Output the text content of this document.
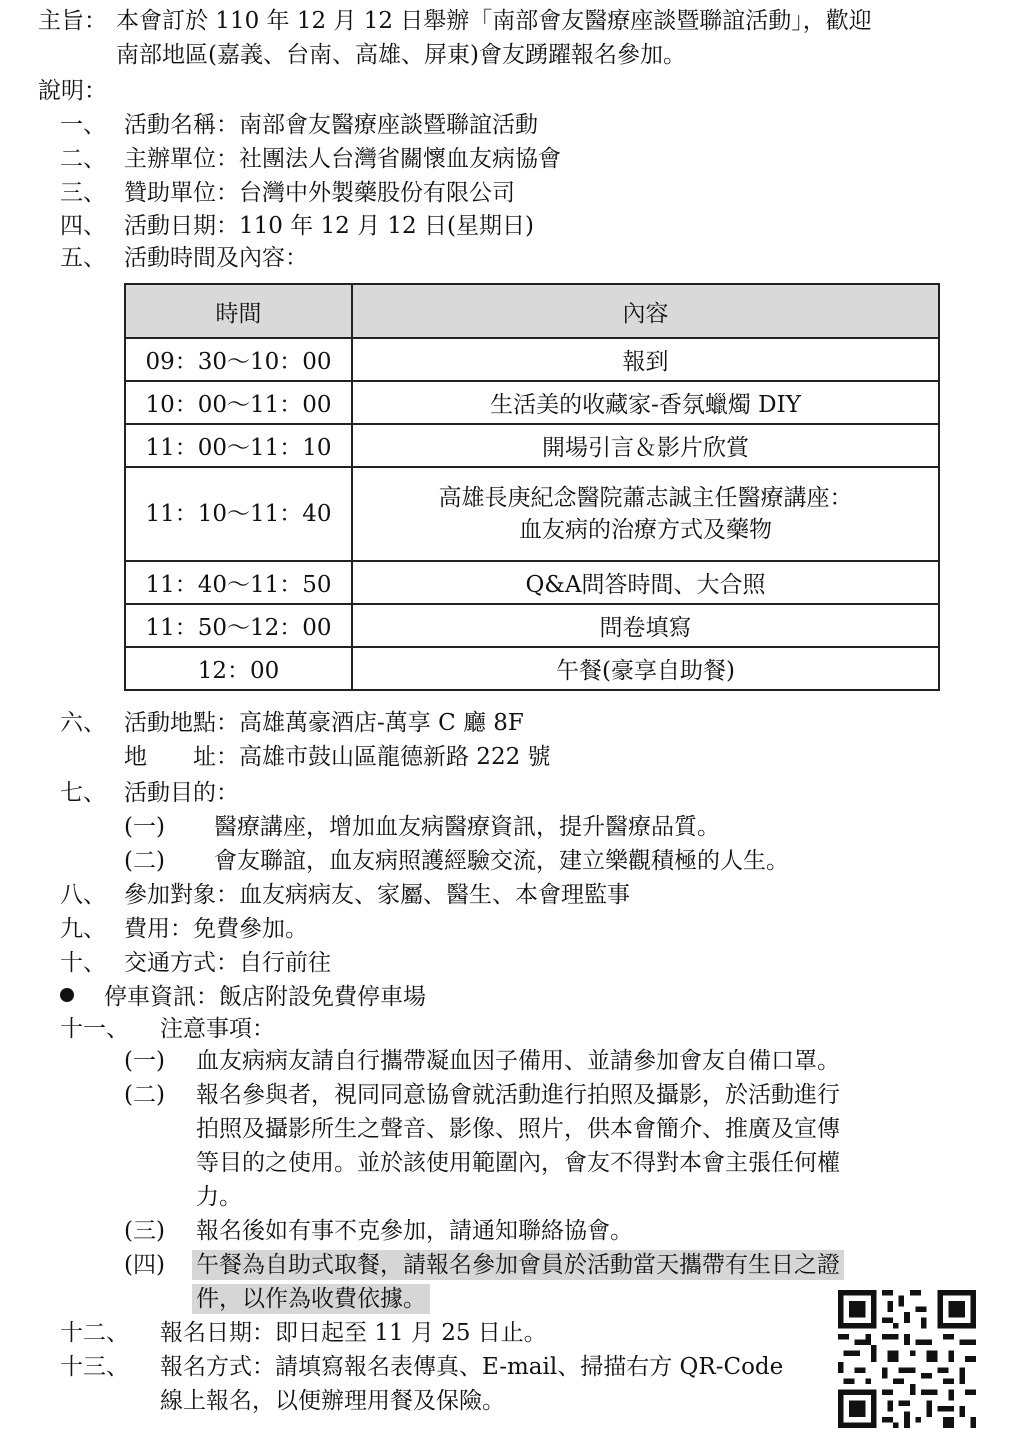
主旨： 本會訂於 110 年 12 月 12 日舉辦「南部會友醫療座談暨聯誼活動」，歡迎
南部地區(嘉義、台南、高雄、屏東)會友踴躍報名參加。
說明：
一、 活動名稱：南部會友醫療座談暨聯誼活動
二、 主辦單位：社團法人台灣省關懷血友病協會
三、 贊助單位：台灣中外製藥股份有限公司
四、 活動日期：110 年 12 月 12 日(星期日)
五、 活動時間及內容：
時間	內容
09：30～10：00	報到
10：00～11：00	生活美的收藏家-香氛蠟燭 DIY
11：00～11：10	開場引言＆影片欣賞
11：10～11：40	高雄長庚紀念醫院蕭志誠主任醫療講座：
血友病的治療方式及藥物

11：40～11：50	Q&A問答時間、大合照
11：50～12：00	問卷填寫
12：00	午餐(豪享自助餐)
六、 活動地點：高雄萬豪酒店-萬享 C 廳 8F
地　　址：高雄市鼓山區龍德新路 222 號
七、 活動目的：
(一) 醫療講座，增加血友病醫療資訊，提升醫療品質。
(二) 會友聯誼，血友病照護經驗交流，建立樂觀積極的人生。
八、 參加對象：血友病病友、家屬、醫生、本會理監事
九、 費用：免費參加。
十、 交通方式：自行前往
停車資訊：飯店附設免費停車場
十一、 注意事項：
(一) 血友病病友請自行攜帶凝血因子備用、並請參加會友自備口罩。
(二) 報名參與者，視同同意協會就活動進行拍照及攝影，於活動進行
拍照及攝影所生之聲音、影像、照片，供本會簡介、推廣及宣傳
等目的之使用。並於該使用範圍內，會友不得對本會主張任何權
力。
(三) 報名後如有事不克參加，請通知聯絡協會。
(四) 午餐為自助式取餐，請報名參加會員於活動當天攜帶有生日之證
件，以作為收費依據。
十二、 報名日期：即日起至 11 月 25 日止。
十三、 報名方式：請填寫報名表傳真、E-mail、掃描右方 QR-Code
線上報名，以便辦理用餐及保險。
